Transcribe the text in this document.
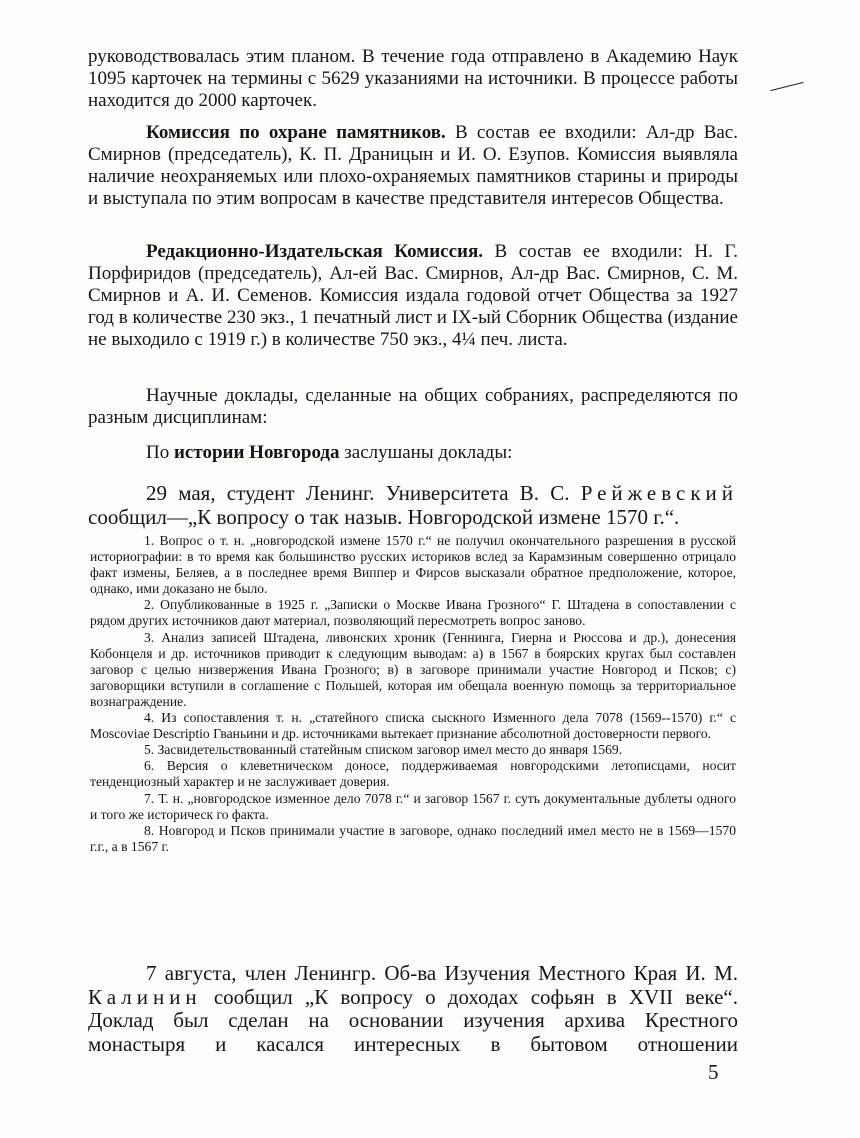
руководствовалась этим планом. В течение года отправлено в Академию Наук 1095 карточек на термины с 5629 указаниями на источники. В процессе работы находится до 2000 карточек.

Комиссия по охране памятников. В состав ее входили: Ал-др Вас. Смирнов (председатель), К. П. Драницын и И. О. Езупов. Комиссия выявляла наличие неохраняемых или плохо-охраняемых памятников старины и природы и выступала по этим вопросам в качестве представителя интересов Общества.

Редакционно-Издательская Комиссия. В состав ее входили: Н. Г. Порфиридов (председатель), Ал-ей Вас. Смирнов, Ал-др Вас. Смирнов, С. М. Смирнов и А. И. Семенов. Комиссия издала годовой отчет Общества за 1927 год в количестве 230 экз., 1 печатный лист и IX-ый Сборник Общества (издание не выходило с 1919 г.) в количестве 750 экз., 4¼ печ. листа.

Научные доклады, сделанные на общих собраниях, распределяются по разным дисциплинам:

По истории Новгорода заслушаны доклады:

29 мая, студент Ленинг. Университета В. С. Рейжевский сообщил—„К вопросу о так назыв. Новгородской измене 1570 г.“.

1. Вопрос о т. н. „новгородской измене 1570 г.“ не получил окончательного разрешения в русской историографии: в то время как большинство русских историков вслед за Карамзиным совершенно отрицало факт измены, Беляев, а в последнее время Виппер и Фирсов высказали обратное предположение, которое, однако, ими доказано не было.

2. Опубликованные в 1925 г. „Записки о Москве Ивана Грозного“ Г. Штадена в сопоставлении с рядом других источников дают материал, позволяющий пересмотреть вопрос заново.

3. Анализ записей Штадена, ливонских хроник (Геннинга, Гиерна и Рюссова и др.), донесения Кобонцеля и др. источников приводит к следующим выводам: а) в 1567 в боярских кругах был составлен заговор с целью низвержения Ивана Грозного; в) в заговоре принимали участие Новгород и Псков; с) заговорщики вступили в соглашение с Польшей, которая им обещала военную помощь за территориальное вознаграждение.

4. Из сопоставления т. н. „статейного списка сыскного Изменного дела 7078 (1569--1570) г.“ с Moscoviae Descriptio Гваньини и др. источниками вытекает признание абсолютной достоверности первого.

5. Засвидетельствованный статейным списком заговор имел место до января 1569.

6. Версия о клеветническом доносе, поддерживаемая новгородскими летописцами, носит тенденциозный характер и не заслуживает доверия.

7. Т. н. „новгородское изменное дело 7078 г.“ и заговор 1567 г. суть документальные дублеты одного и того же историческ го факта.

8. Новгород и Псков принимали участие в заговоре, однако последний имел место не в 1569—1570 г.г., а в 1567 г.

7 августа, член Ленингр. Об-ва Изучения Местного Края И. М. Калинин сообщил „К вопросу о доходах софьян в XVII веке“. Доклад был сделан на основании изучения архива Крестного монастыря и касался интересных в бытовом отношении

5
